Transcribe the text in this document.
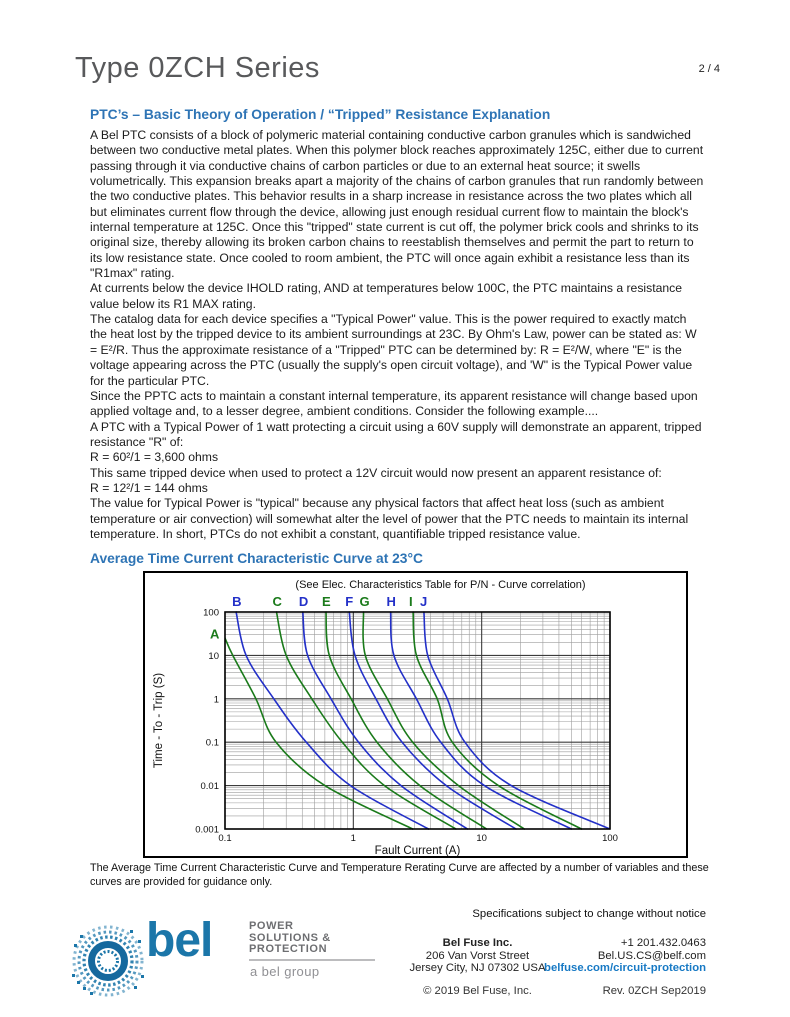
Type 0ZCH Series	2 / 4
PTC’s – Basic Theory of Operation / “Tripped” Resistance Explanation

A Bel PTC consists of a block of polymeric material containing conductive carbon granules which is sandwiched between two conductive metal plates. When this polymer block reaches approximately 125C, either due to current passing through it via conductive chains of carbon particles or due to an external heat source; it swells volumetrically. This expansion breaks apart a majority of the chains of carbon granules that run randomly between the two conductive plates. This behavior results in a sharp increase in resistance across the two plates which all but eliminates current flow through the device, allowing just enough residual current flow to maintain the block's internal temperature at 125C. Once this "tripped" state current is cut off, the polymer brick cools and shrinks to its original size, thereby allowing its broken carbon chains to reestablish themselves and permit the part to return to its low resistance state. Once cooled to room ambient, the PTC will once again exhibit a resistance less than its "R1max" rating.

At currents below the device IHOLD rating, AND at temperatures below 100C, the PTC maintains a resistance value below its R1 MAX rating.

The catalog data for each device specifies a "Typical Power" value. This is the power required to exactly match the heat lost by the tripped device to its ambient surroundings at 23C. By Ohm's Law, power can be stated as: W = E²/R. Thus the approximate resistance of a "Tripped" PTC can be determined by: R = E²/W, where "E" is the voltage appearing across the PTC (usually the supply's open circuit voltage), and 'W" is the Typical Power value for the particular PTC.

Since the PPTC acts to maintain a constant internal temperature, its apparent resistance will change based upon applied voltage and, to a lesser degree, ambient conditions. Consider the following example....

A PTC with a Typical Power of 1 watt protecting a circuit using a 60V supply will demonstrate an apparent, tripped resistance "R" of:

R = 60²/1 = 3,600 ohms

This same tripped device when used to protect a 12V circuit would now present an apparent resistance of:

R = 12²/1 = 144 ohms

The value for Typical Power is "typical" because any physical factors that affect heat loss (such as ambient temperature or air convection) will somewhat alter the level of power that the PTC needs to maintain its internal temperature. In short, PTCs do not exhibit a constant, quantifiable tripped resistance value.

Average Time Current Characteristic Curve at 23°C
A
B C D E F G H I J
100
10
1
0.1
0.01
0.001
0.1	1	10	100
(See Elec. Characteristics Table for P/N - Curve correlation)
Fault Current (A)
Time - To - Trip (S)

The Average Time Current Characteristic Curve and Temperature Rerating Curve are affected by a number of variables and these curves are provided for guidance only.

Specifications subject to change without notice
bel	POWER
SOLUTIONS &
PROTECTION
a bel group
Bel Fuse Inc.
206 Van Vorst Street
Jersey City, NJ 07302 USA
© 2019 Bel Fuse, Inc.
+1 201.432.0463
Bel.US.CS@belf.com
belfuse.com/circuit-protection
Rev. 0ZCH Sep2019
